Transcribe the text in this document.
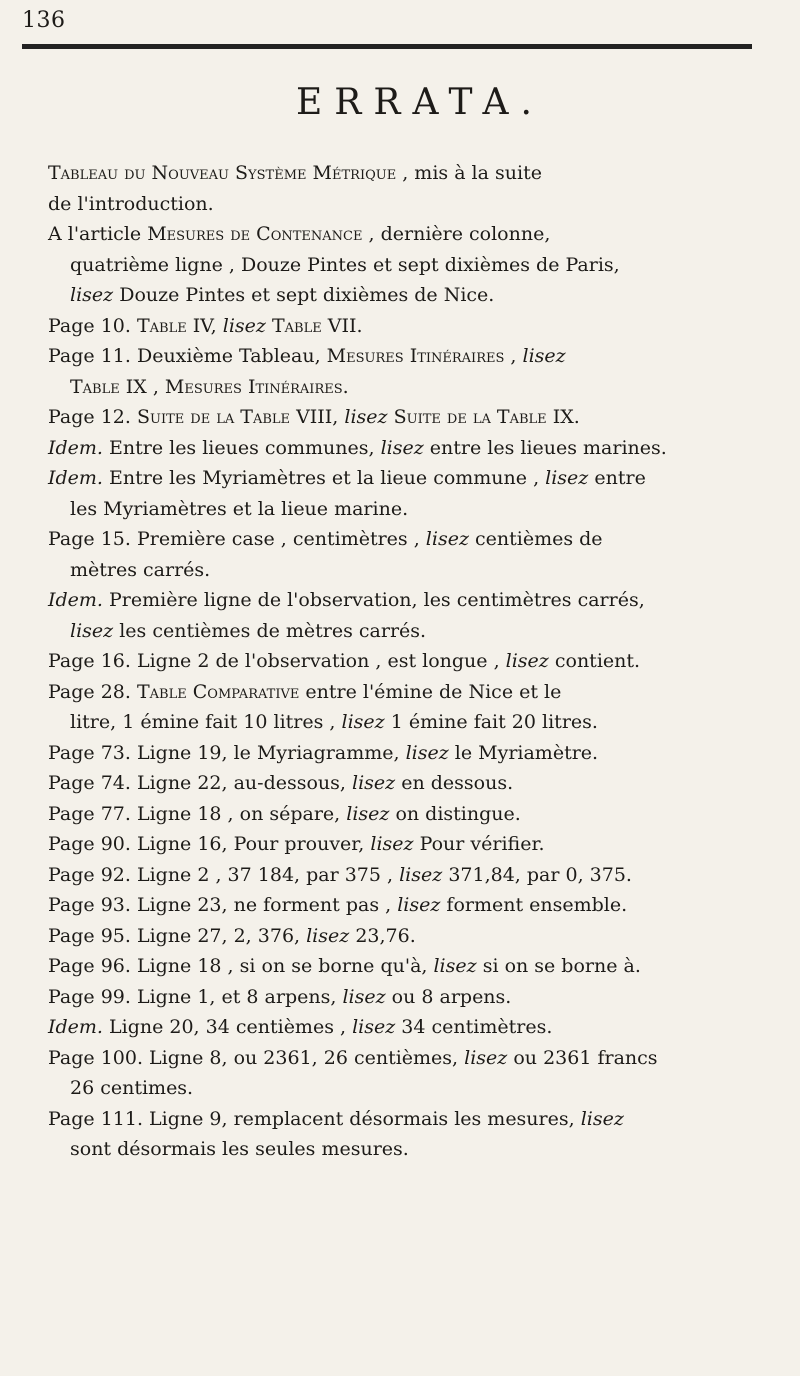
136
ERRATA.
Tableau du Nouveau Système Métrique , mis à la suite
de l'introduction.
A l'article Mesures de Contenance , dernière colonne,
quatrième ligne , Douze Pintes et sept dixièmes de Paris,
lisez Douze Pintes et sept dixièmes de Nice.
Page 10. Table IV, lisez Table VII.
Page 11. Deuxième Tableau, Mesures Itinéraires , lisez
Table IX , Mesures Itinéraires.
Page 12. Suite de la Table VIII, lisez Suite de la Table IX.
Idem. Entre les lieues communes, lisez entre les lieues marines.
Idem. Entre les Myriamètres et la lieue commune , lisez entre
les Myriamètres et la lieue marine.
Page 15. Première case , centimètres , lisez centièmes de
mètres carrés.
Idem. Première ligne de l'observation, les centimètres carrés,
lisez les centièmes de mètres carrés.
Page 16. Ligne 2 de l'observation , est longue , lisez contient.
Page 28. Table Comparative entre l'émine de Nice et le
litre, 1 émine fait 10 litres , lisez 1 émine fait 20 litres.
Page 73. Ligne 19, le Myriagramme, lisez le Myriamètre.
Page 74. Ligne 22, au-dessous, lisez en dessous.
Page 77. Ligne 18 , on sépare, lisez on distingue.
Page 90. Ligne 16, Pour prouver, lisez Pour vérifier.
Page 92. Ligne 2 , 37 184, par 375 , lisez 371,84, par 0, 375.
Page 93. Ligne 23, ne forment pas , lisez forment ensemble.
Page 95. Ligne 27, 2, 376, lisez 23,76.
Page 96. Ligne 18 , si on se borne qu'à, lisez si on se borne à.
Page 99. Ligne 1, et 8 arpens, lisez ou 8 arpens.
Idem. Ligne 20, 34 centièmes , lisez 34 centimètres.
Page 100. Ligne 8, ou 2361, 26 centièmes, lisez ou 2361 francs
26 centimes.
Page 111. Ligne 9, remplacent désormais les mesures, lisez
sont désormais les seules mesures.
